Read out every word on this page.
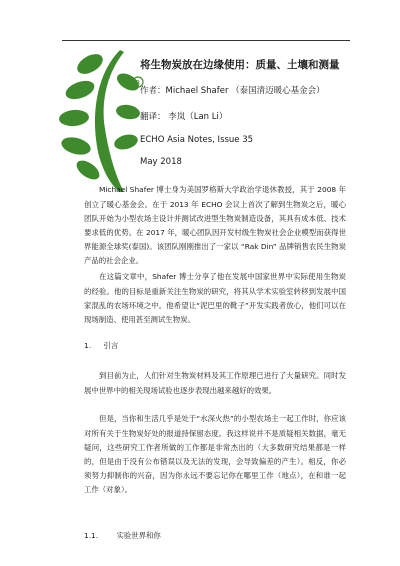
R
将生物炭放在边缘使用：质量、土壤和测量
作者：Michael Shafer （泰国清迈暖心基金会）
翻译： 李岚（Lan Li）
ECHO Asia Notes, Issue 35
May 2018

Michael Shafer 博士身为美国罗格斯大学政治学退休教授，其于 2008 年创立了暖心基金会。在于 2013 年 ECHO 会议上首次了解到生物炭之后，暖心团队开始为小型农场主设计并测试改进型生物炭制造设备，其具有成本低、技术要求低的优势。在 2017 年，暖心团队因开发村级生物炭社会企业模型而获得世界能源全球奖(泰国)。该团队刚刚推出了一家以 “Rak Din” 品牌销售农民生物炭产品的社会企业。

在这篇文章中，Shafer 博士分享了他在发展中国家世界中实际使用生物炭的经验。他的目标是重新关注生物炭的研究，将其从学术实验室转移到发展中国家混乱的农场环境之中。他希望让“泥巴里的靴子”开发实践者放心，他们可以在现场制造、使用甚至测试生物炭。

1. 引言

到目前为止，人们针对生物炭材料及其工作原理已进行了大量研究。同时发展中世界中的相关现场试验也逐步表现出越来越好的效果。

但是，当你和生活几乎是处于“水深火热”的小型农场主一起工作时，你应该对所有关于生物炭好处的报道持保留态度。我这样说并不是质疑相关数据，毫无疑问，这些研究工作者所做的工作都是非常杰出的（大多数研究结果都是一样的，但是由于没有公布错误以及无法的发现，会导致偏差的产生）。相反，你必须努力抑制你的兴奋，因为你永远不要忘记你在哪里工作（地点），在和谁一起工作（对象）。

1.1. 实验世界和你
